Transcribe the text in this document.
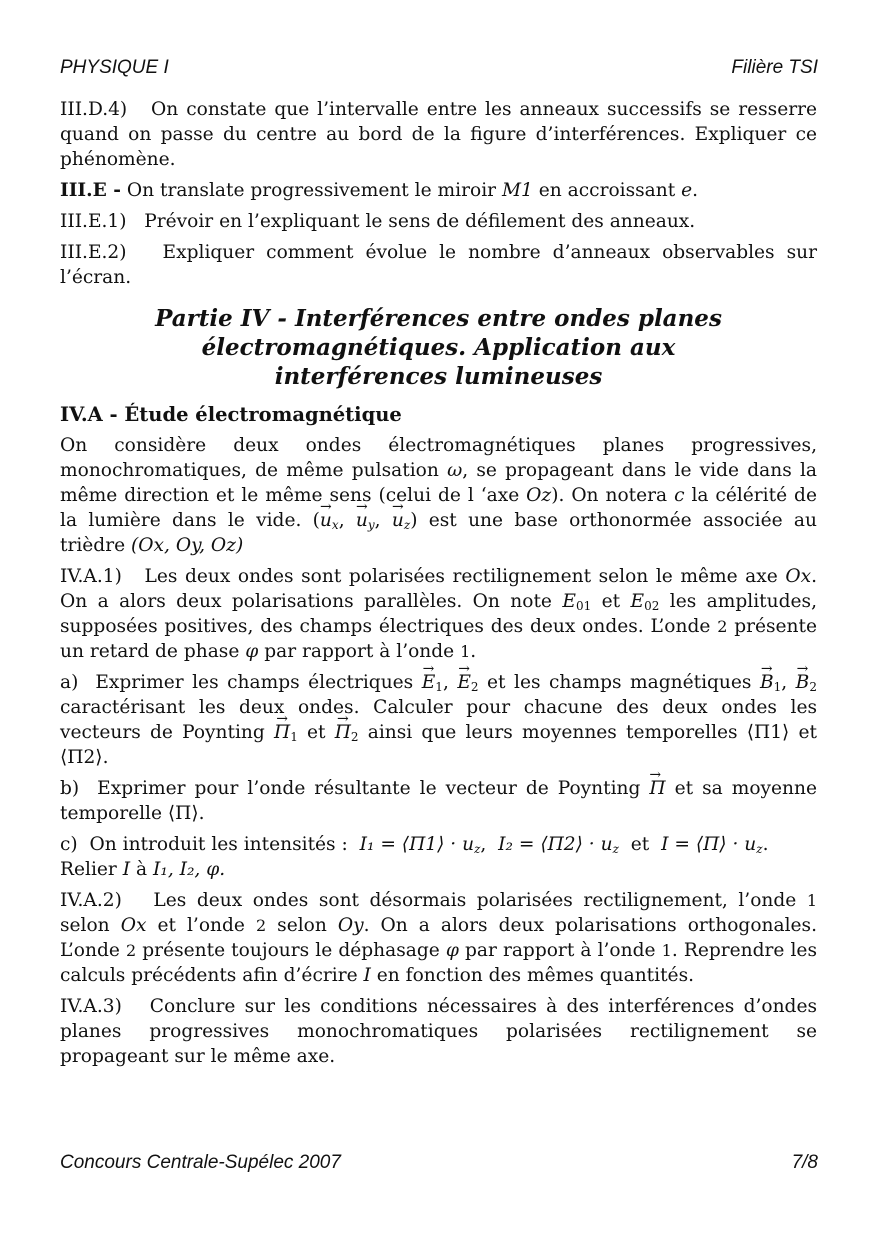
PHYSIQUE I	Filière TSI

III.D.4) On constate que l’intervalle entre les anneaux successifs se resserre quand on passe du centre au bord de la figure d’interférences. Expliquer ce phénomène.

III.E - On translate progressivement le miroir M1 en accroissant e.

III.E.1) Prévoir en l’expliquant le sens de défilement des anneaux.

III.E.2) Expliquer comment évolue le nombre d’anneaux observables sur l’écran.

Partie IV - Interférences entre ondes planes
électromagnétiques. Application aux
interférences lumineuses
IV.A - Étude électromagnétique

On considère deux ondes électromagnétiques planes progressives, monochromatiques, de même pulsation ω, se propageant dans le vide dans la même direction et le même sens (celui de l ‘axe Oz). On notera c la célérité de la lumière dans le vide. (→ $u_x$, → $u_y$, → $u_z$) est une base orthonormée associée au trièdre (Ox, Oy, Oz)

IV.A.1) Les deux ondes sont polarisées rectilignement selon le même axe Ox. On a alors deux polarisations parallèles. On note $E_{01}$ et $E_{02}$ les amplitudes, supposées positives, des champs électriques des deux ondes. L’onde 2 présente un retard de phase φ par rapport à l’onde 1.

a) Exprimer les champs électriques → $E_1$, → $E_2$ et les champs magnétiques → $B_1$, → $B_2$ caractérisant les deux ondes. Calculer pour chacune des deux ondes les vecteurs de Poynting → $\Pi_1$ et → $\Pi_2$ ainsi que leurs moyennes temporelles ⟨Π1⟩ et ⟨Π2⟩.

b) Exprimer pour l’onde résultante le vecteur de Poynting → Π et sa moyenne temporelle ⟨Π⟩.

c) On introduit les intensités : I₁ = ⟨Π1⟩ · $u_z$,  I₂ = ⟨Π2⟩ · $u_z$ et I = ⟨Π⟩ · $u_z$.
Relier I à I₁, I₂, φ.

IV.A.2) Les deux ondes sont désormais polarisées rectilignement, l’onde 1 selon Ox et l’onde 2 selon Oy. On a alors deux polarisations orthogonales. L’onde 2 présente toujours le déphasage φ par rapport à l’onde 1. Reprendre les calculs précédents afin d’écrire I en fonction des mêmes quantités.

IV.A.3) Conclure sur les conditions nécessaires à des interférences d’ondes planes progressives monochromatiques polarisées rectilignement se propageant sur le même axe.

Concours Centrale-Supélec 2007	7/8
